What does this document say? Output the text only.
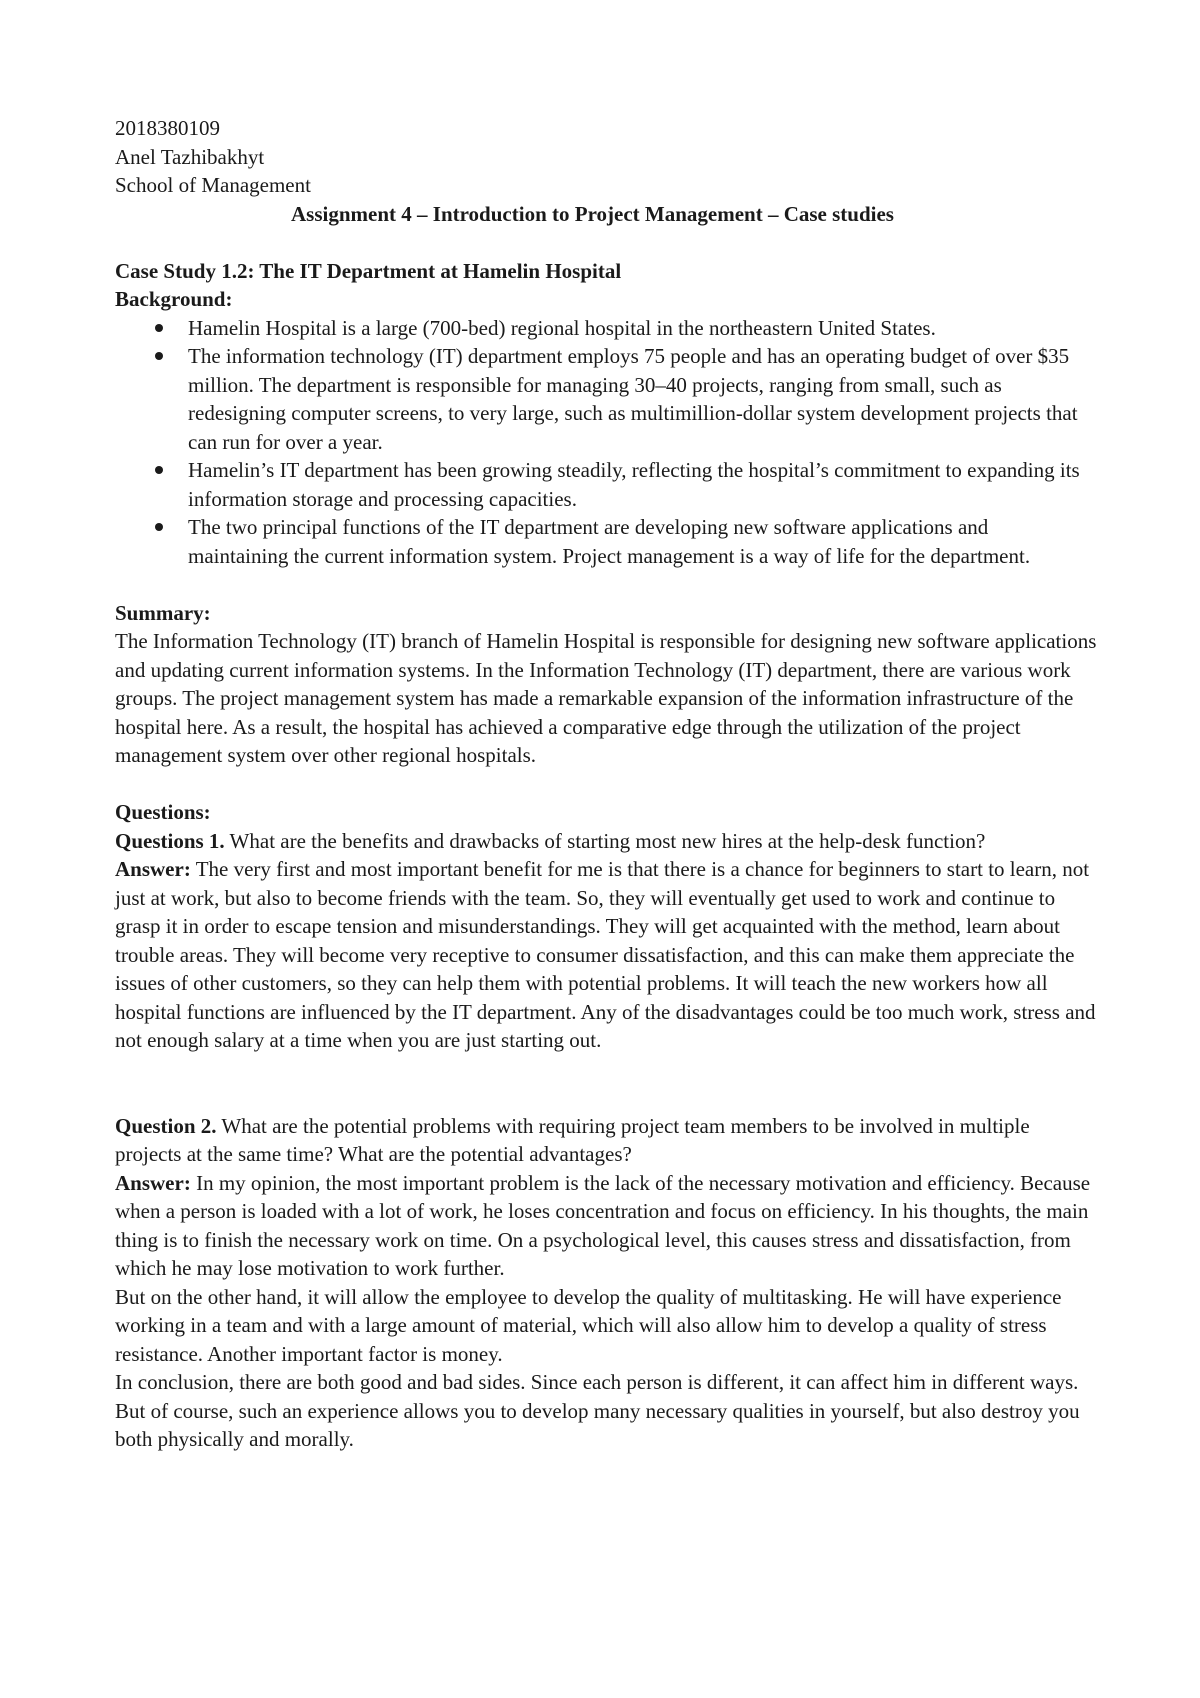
2018380109
Anel Tazhibakhyt
School of Management
Assignment 4 – Introduction to Project Management – Case studies
Case Study 1.2: The IT Department at Hamelin Hospital
Background:
Hamelin Hospital is a large (700-bed) regional hospital in the northeastern United States.
The information technology (IT) department employs 75 people and has an operating budget of over $35 million. The department is responsible for managing 30–40 projects, ranging from small, such as redesigning computer screens, to very large, such as multimillion-dollar system development projects that can run for over a year.
Hamelin’s IT department has been growing steadily, reflecting the hospital’s commitment to expanding its information storage and processing capacities.
The two principal functions of the IT department are developing new software applications and maintaining the current information system. Project management is a way of life for the department.
Summary:

The Information Technology (IT) branch of Hamelin Hospital is responsible for designing new software applications and updating current information systems. In the Information Technology (IT) department, there are various work groups. The project management system has made a remarkable expansion of the information infrastructure of the hospital here. As a result, the hospital has achieved a comparative edge through the utilization of the project management system over other regional hospitals.

Questions:

Questions 1. What are the benefits and drawbacks of starting most new hires at the help-desk function?

Answer: The very first and most important benefit for me is that there is a chance for beginners to start to learn, not just at work, but also to become friends with the team. So, they will eventually get used to work and continue to grasp it in order to escape tension and misunderstandings. They will get acquainted with the method, learn about trouble areas. They will become very receptive to consumer dissatisfaction, and this can make them appreciate the issues of other customers, so they can help them with potential problems. It will teach the new workers how all hospital functions are influenced by the IT department. Any of the disadvantages could be too much work, stress and not enough salary at a time when you are just starting out.

Question 2. What are the potential problems with requiring project team members to be involved in multiple projects at the same time? What are the potential advantages?

Answer: In my opinion, the most important problem is the lack of the necessary motivation and efficiency. Because when a person is loaded with a lot of work, he loses concentration and focus on efficiency. In his thoughts, the main thing is to finish the necessary work on time. On a psychological level, this causes stress and dissatisfaction, from which he may lose motivation to work further.

But on the other hand, it will allow the employee to develop the quality of multitasking. He will have experience working in a team and with a large amount of material, which will also allow him to develop a quality of stress resistance. Another important factor is money.

In conclusion, there are both good and bad sides. Since each person is different, it can affect him in different ways. But of course, such an experience allows you to develop many necessary qualities in yourself, but also destroy you both physically and morally.
